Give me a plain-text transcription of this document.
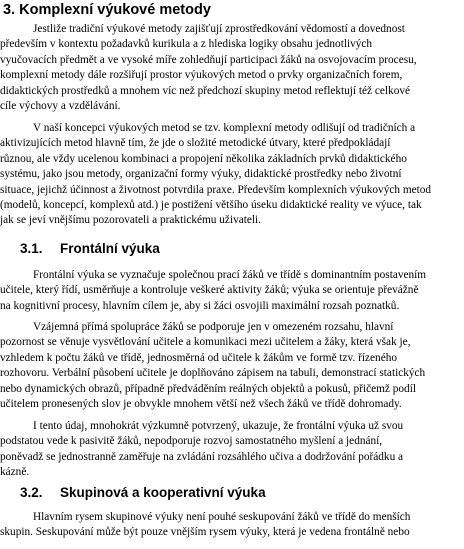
3. Komplexní výukové metody
Jestliže tradiční výukové metody zajišťují zprostředkování vědomostí a dovednost
především v kontextu požadavků kurikula a z hlediska logiky obsahu jednotlivých
vyučovacích předmět a ve vysoké míře zohledňují participaci žáků na osvojovacím procesu,
komplexní metody dále rozšiřují prostor výukových metod o prvky organizačních forem,
didaktických prostředků a mnohem víc než předchozí skupiny metod reflektují též celkové
cíle výchovy a vzdělávání.
V naší koncepci výukových metod se tzv. komplexní metody odlišují od tradičních a
aktivizujících metod hlavně tím, že jde o složité metodické útvary, které předpokládají
různou, ale vždy ucelenou kombinaci a propojení několika základních prvků didaktického
systému, jako jsou metody, organizační formy výuky, didaktické prostředky nebo životní
situace, jejichž účinnost a životnost potvrdila praxe. Především komplexních výukových metod
(modelů, koncepcí, komplexů atd.) je postižení většího úseku didaktické reality ve výuce, tak
jak se jeví vnějšímu pozorovateli a praktickému uživateli.
3.1. Frontální výuka
Frontální výuka se vyznačuje společnou prací žáků ve třídě s dominantním postavením
učitele, který řídí, usměrňuje a kontroluje veškeré aktivity žáků; výuka se orientuje převážně
na kognitivní procesy, hlavním cílem je, aby si žáci osvojili maximální rozsah poznatků.
Vzájemná přímá spolupráce žáků se podporuje jen v omezeném rozsahu, hlavní
pozornost se věnuje vysvětlování učitele a komunikaci mezi učitelem a žáky, která však je,
vzhledem k počtu žáků ve třídě, jednosměrná od učitele k žákům ve formě tzv. řízeného
rozhovoru. Verbální působení učitele je doplňováno zápisem na tabuli, demonstrací statických
nebo dynamických obrazů, případně předváděním reálných objektů a pokusů, přičemž podíl
učitelem pronesených slov je obvykle mnohem větší než všech žáků ve třídě dohromady.
I tento údaj, mnohokrát výzkumně potvrzený, ukazuje, že frontální výuka už svou
podstatou vede k pasivitě žáků, nepodporuje rozvoj samostatného myšlení a jednání,
poněvadž se jednostranně zaměřuje na zvládání rozsáhlého učiva a dodržování pořádku a
kázně.
3.2. Skupinová a kooperativní výuka
Hlavním rysem skupinové výuky není pouhé seskupování žáků ve třídě do menších
skupin. Seskupování může být pouze vnějším rysem výuky, která je vedena frontálně nebo
